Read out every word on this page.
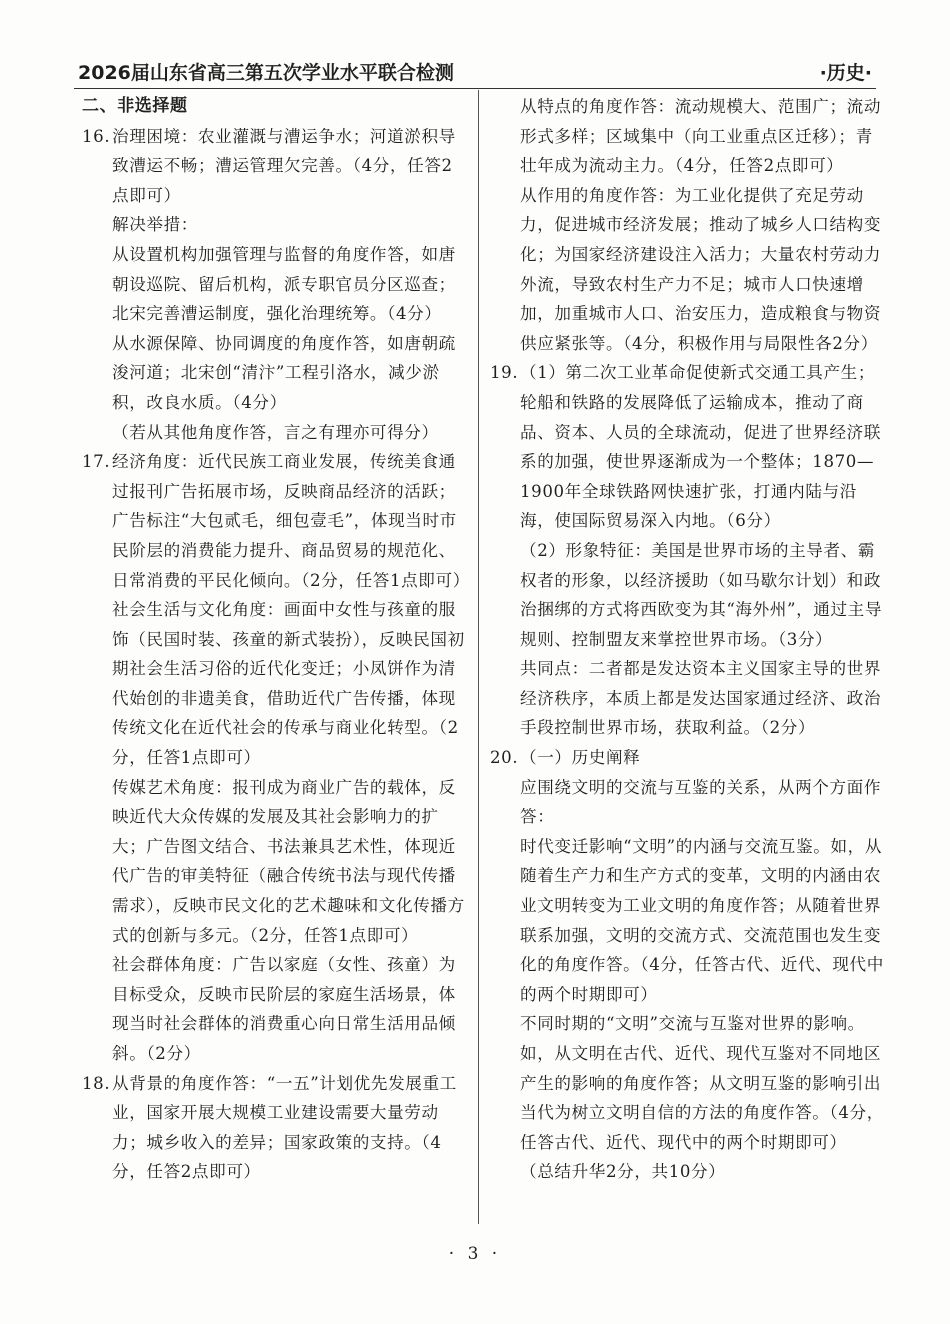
2026届山东省高三第五次学业水平联合检测	·历史·

二、非选择题

16. 治理困境：农业灌溉与漕运争水；河道淤积导

致漕运不畅；漕运管理欠完善。（4分，任答2

点即可）

解决举措：

从设置机构加强管理与监督的角度作答，如唐朝设巡院、留后机构，派专职官员分区巡查；北宋完善漕运制度，强化治理统筹。（4分）

从水源保障、协同调度的角度作答，如唐朝疏浚河道；北宋创“清汴”工程引洛水，减少淤积，改良水质。（4分）

（若从其他角度作答，言之有理亦可得分）

17. 经济角度：近代民族工商业发展，传统美食通过报刊广告拓展市场，反映商品经济的活跃；广告标注“大包贰毛，细包壹毛”，体现当时市民阶层的消费能力提升、商品贸易的规范化、日常消费的平民化倾向。（2分，任答1点即可）

社会生活与文化角度：画面中女性与孩童的服饰（民国时装、孩童的新式装扮），反映民国初期社会生活习俗的近代化变迁；小凤饼作为清代始创的非遗美食，借助近代广告传播，体现传统文化在近代社会的传承与商业化转型。（2分，任答1点即可）

传媒艺术角度：报刊成为商业广告的载体，反映近代大众传媒的发展及其社会影响力的扩大；广告图文结合、书法兼具艺术性，体现近代广告的审美特征（融合传统书法与现代传播需求），反映市民文化的艺术趣味和文化传播方式的创新与多元。（2分，任答1点即可）

社会群体角度：广告以家庭（女性、孩童）为目标受众，反映市民阶层的家庭生活场景，体现当时社会群体的消费重心向日常生活用品倾斜。（2分）

18. 从背景的角度作答：“一五”计划优先发展重工业，国家开展大规模工业建设需要大量劳动力；城乡收入的差异；国家政策的支持。（4分，任答2点即可）

从特点的角度作答：流动规模大、范围广；流动形式多样；区域集中（向工业重点区迁移）；青壮年成为流动主力。（4分，任答2点即可）

从作用的角度作答：为工业化提供了充足劳动力，促进城市经济发展；推动了城乡人口结构变化；为国家经济建设注入活力；大量农村劳动力外流，导致农村生产力不足；城市人口快速增加，加重城市人口、治安压力，造成粮食与物资供应紧张等。（4分，积极作用与局限性各2分）

19. （1）第二次工业革命促使新式交通工具产生；轮船和铁路的发展降低了运输成本，推动了商品、资本、人员的全球流动，促进了世界经济联系的加强，使世界逐渐成为一个整体；1870—1900年全球铁路网快速扩张，打通内陆与沿海，使国际贸易深入内地。（6分）

（2）形象特征：美国是世界市场的主导者、霸权者的形象，以经济援助（如马歇尔计划）和政治捆绑的方式将西欧变为其“海外州”，通过主导规则、控制盟友来掌控世界市场。（3分）

共同点：二者都是发达资本主义国家主导的世界经济秩序，本质上都是发达国家通过经济、政治手段控制世界市场，获取利益。（2分）

20. （一）历史阐释

应围绕文明的交流与互鉴的关系，从两个方面作答：

时代变迁影响“文明”的内涵与交流互鉴。如，从随着生产力和生产方式的变革，文明的内涵由农业文明转变为工业文明的角度作答；从随着世界联系加强，文明的交流方式、交流范围也发生变化的角度作答。（4分，任答古代、近代、现代中的两个时期即可）

不同时期的“文明”交流与互鉴对世界的影响。如，从文明在古代、近代、现代互鉴对不同地区产生的影响的角度作答；从文明互鉴的影响引出当代为树立文明自信的方法的角度作答。（4分，任答古代、近代、现代中的两个时期即可）

（总结升华2分，共10分）

· 3 ·
